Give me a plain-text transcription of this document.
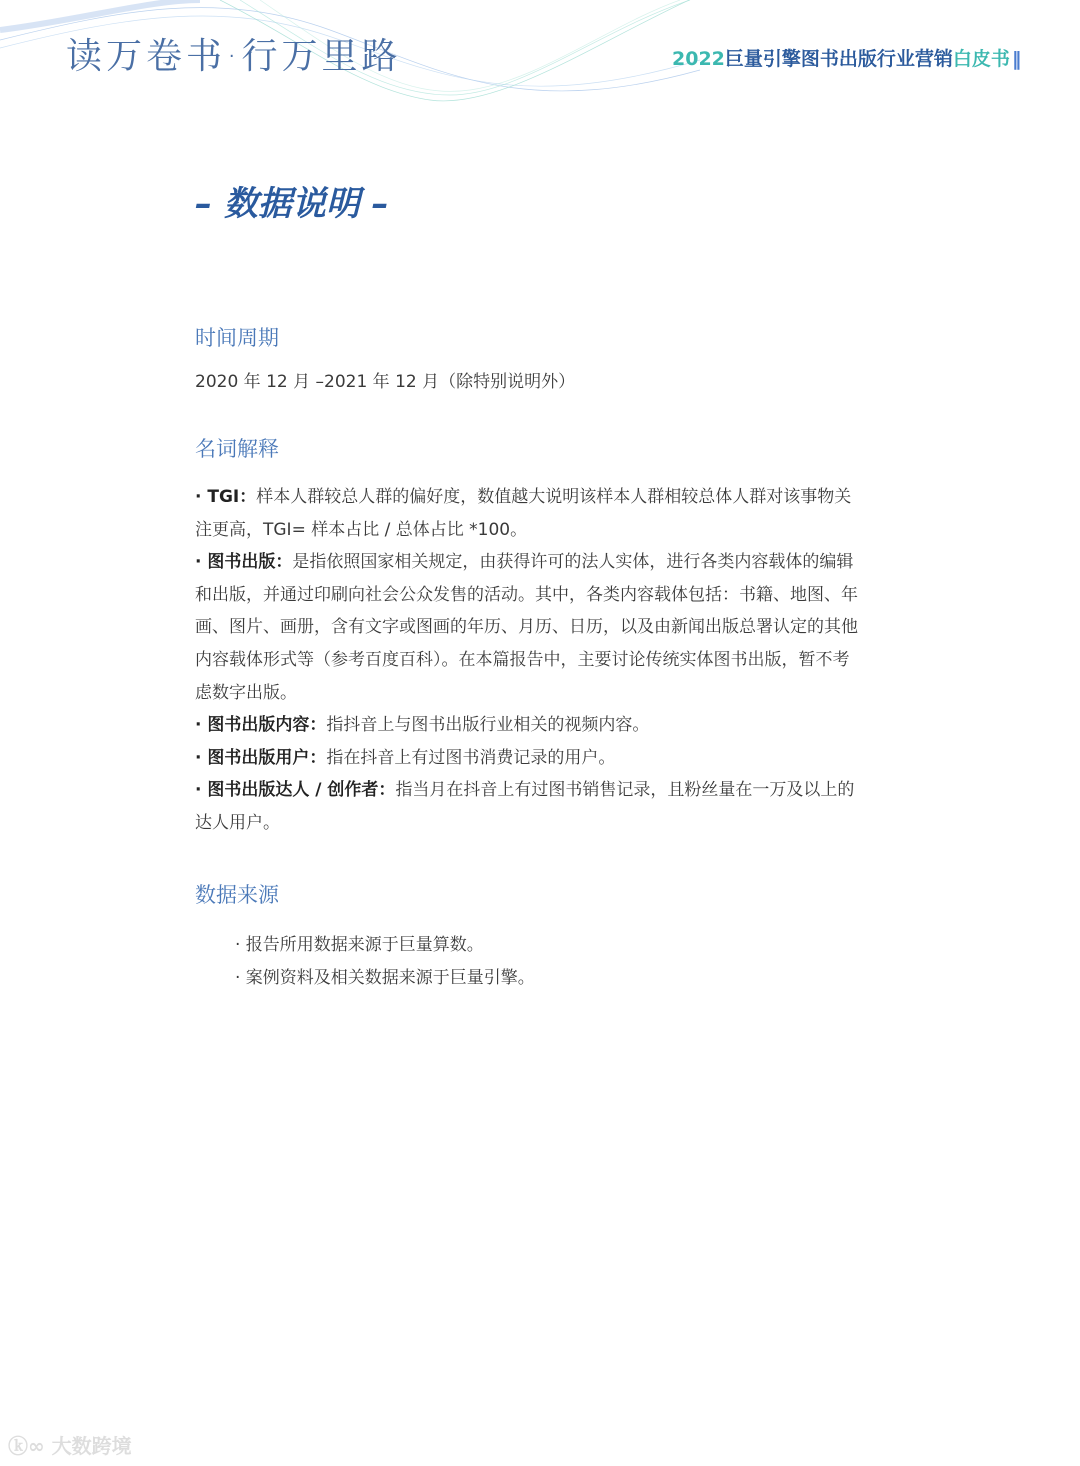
读万卷书·行万里路	2022巨量引擎图书出版行业营销白皮书 ‖
– 数据说明 –
时间周期
2020 年 12 月 –2021 年 12 月（除特别说明外）
名词解释
· TGI：样本人群较总人群的偏好度，数值越大说明该样本人群相较总体人群对该事物关注更高，TGI= 样本占比 / 总体占比 *100。
· 图书出版：是指依照国家相关规定，由获得许可的法人实体，进行各类内容载体的编辑和出版，并通过印刷向社会公众发售的活动。其中，各类内容载体包括：书籍、地图、年画、图片、画册，含有文字或图画的年历、月历、日历，以及由新闻出版总署认定的其他内容载体形式等（参考百度百科）。在本篇报告中，主要讨论传统实体图书出版，暂不考虑数字出版。
· 图书出版内容：指抖音上与图书出版行业相关的视频内容。
· 图书出版用户：指在抖音上有过图书消费记录的用户。
· 图书出版达人 / 创作者：指当月在抖音上有过图书销售记录，且粉丝量在一万及以上的达人用户。
数据来源
· 报告所用数据来源于巨量算数。
· 案例资料及相关数据来源于巨量引擎。
ⓚ∞ 大数跨境
